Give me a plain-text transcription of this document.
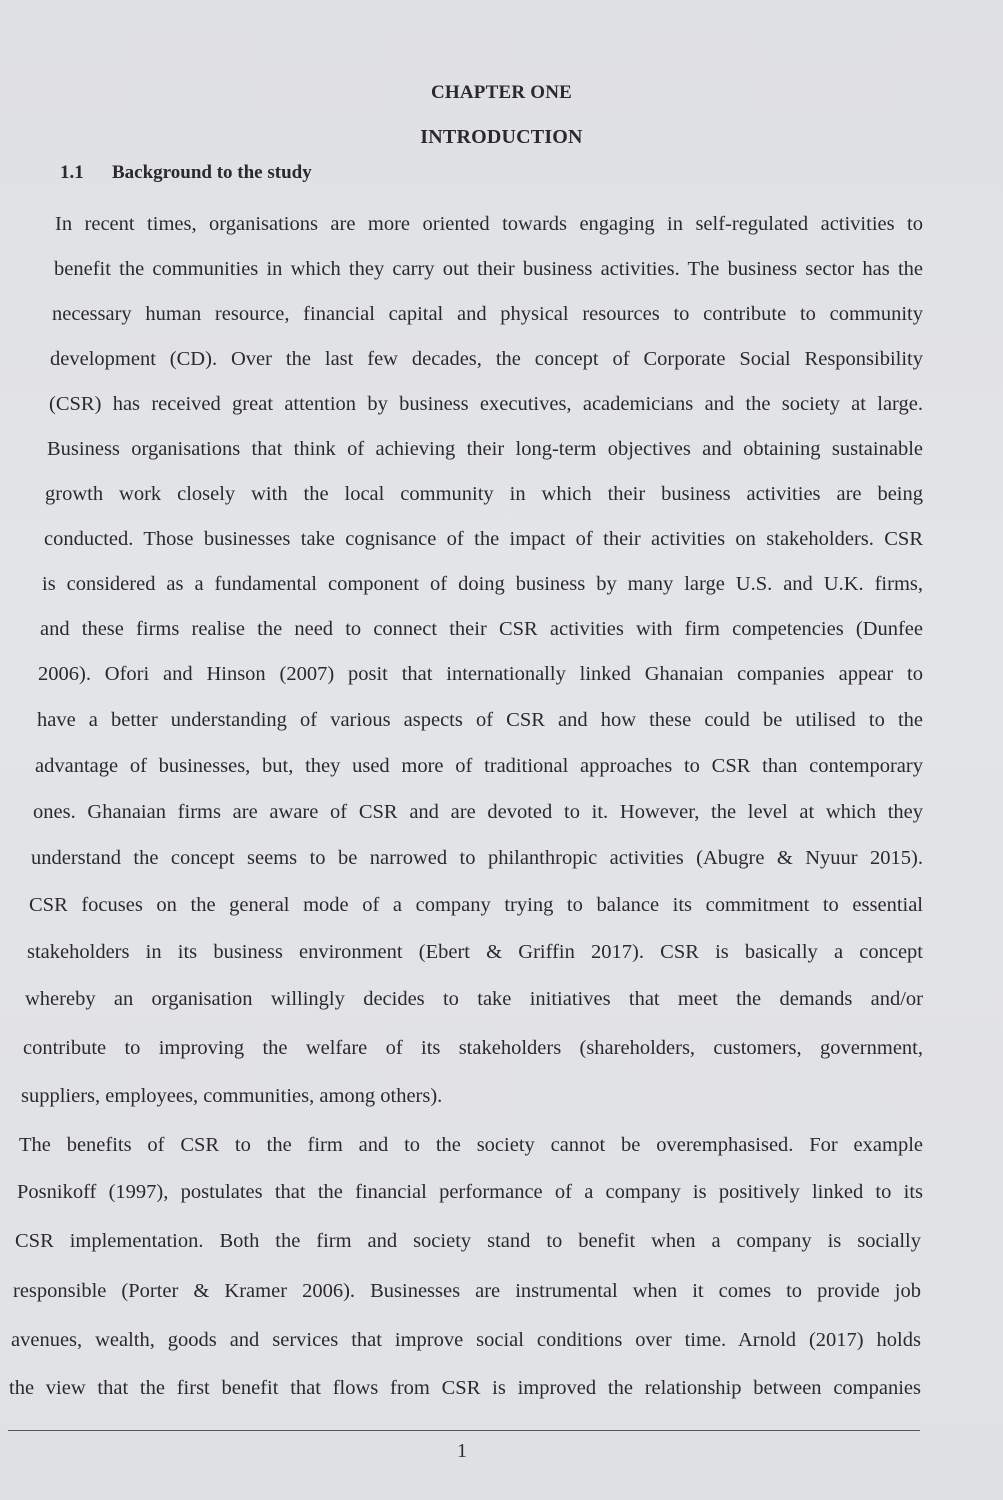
CHAPTER ONE
INTRODUCTION
1.1 Background to the study
In recent times, organisations are more oriented towards engaging in self-regulated activities to
benefit the communities in which they carry out their business activities. The business sector has the
necessary human resource, financial capital and physical resources to contribute to community
development (CD). Over the last few decades, the concept of Corporate Social Responsibility
(CSR) has received great attention by business executives, academicians and the society at large.
Business organisations that think of achieving their long-term objectives and obtaining sustainable
growth work closely with the local community in which their business activities are being
conducted. Those businesses take cognisance of the impact of their activities on stakeholders. CSR
is considered as a fundamental component of doing business by many large U.S. and U.K. firms,
and these firms realise the need to connect their CSR activities with firm competencies (Dunfee
2006). Ofori and Hinson (2007) posit that internationally linked Ghanaian companies appear to
have a better understanding of various aspects of CSR and how these could be utilised to the
advantage of businesses, but, they used more of traditional approaches to CSR than contemporary
ones. Ghanaian firms are aware of CSR and are devoted to it. However, the level at which they
understand the concept seems to be narrowed to philanthropic activities (Abugre & Nyuur 2015).
CSR focuses on the general mode of a company trying to balance its commitment to essential
stakeholders in its business environment (Ebert & Griffin 2017). CSR is basically a concept
whereby an organisation willingly decides to take initiatives that meet the demands and/or
contribute to improving the welfare of its stakeholders (shareholders, customers, government,
suppliers, employees, communities, among others).
The benefits of CSR to the firm and to the society cannot be overemphasised. For example
Posnikoff (1997), postulates that the financial performance of a company is positively linked to its
CSR implementation. Both the firm and society stand to benefit when a company is socially
responsible (Porter & Kramer 2006). Businesses are instrumental when it comes to provide job
avenues, wealth, goods and services that improve social conditions over time. Arnold (2017) holds
the view that the first benefit that flows from CSR is improved the relationship between companies
1
